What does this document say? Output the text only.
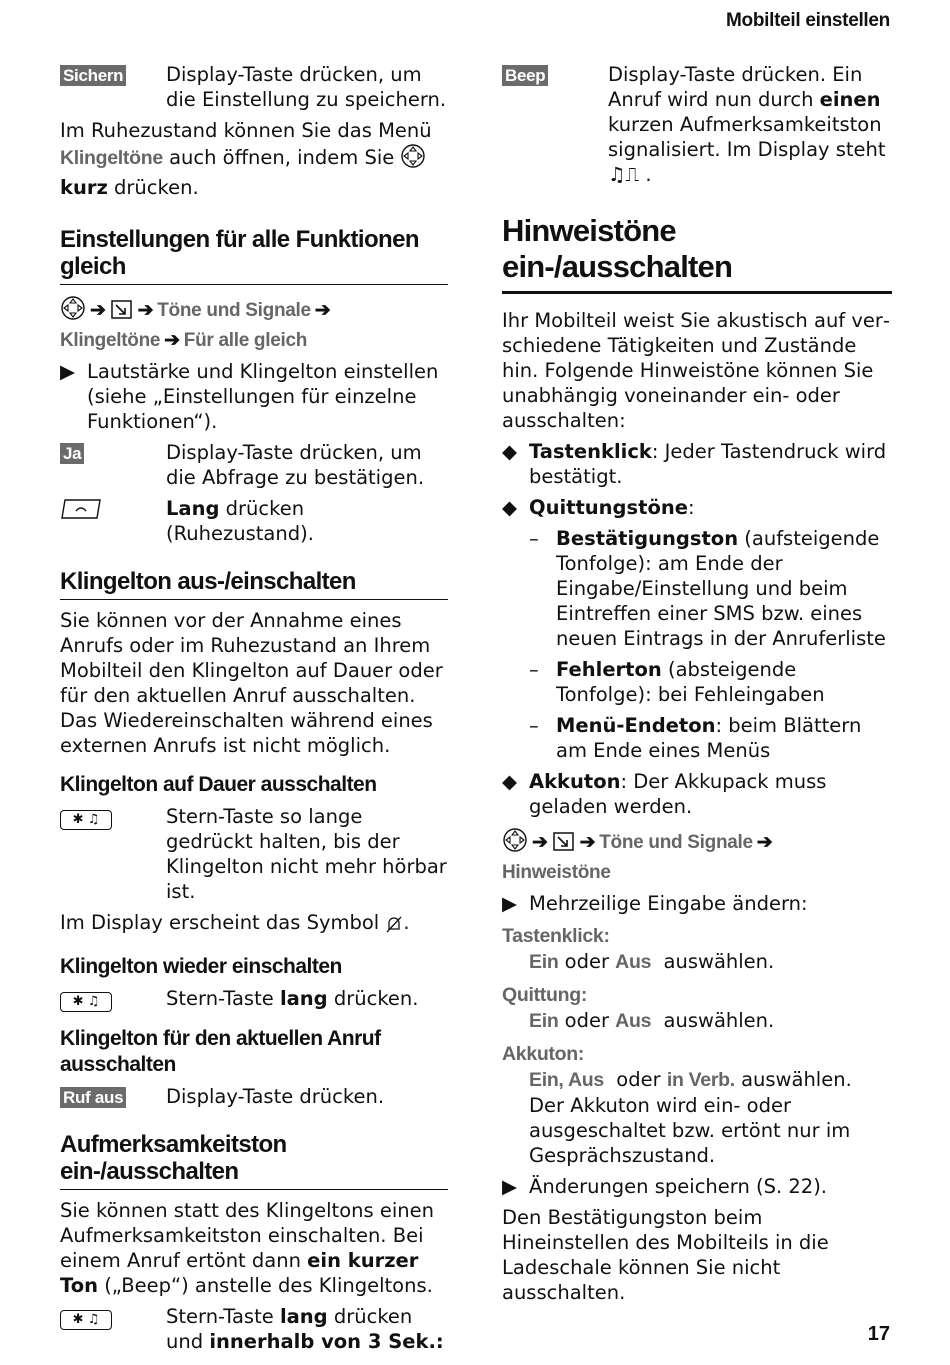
Mobilteil einstellen
Sichern	Display-Taste drücken, um die Einstellung zu speichern.

Im Ruhezustand können Sie das Menü
Klingeltöne auch öffnen, indem Sie
kurz drücken.

Einstellungen für alle Funktionen gleich
➔ ➔ Töne und Signale ➔
Klingeltöne ➔ Für alle gleich
▶ Lautstärke und Klingelton einstellen (siehe „Einstellungen für einzelne Funktionen“).
Ja	Display-Taste drücken, um die Abfrage zu bestätigen.
Lang drücken (Ruhezustand).
Klingelton aus-/einschalten

Sie können vor der Annahme eines Anrufs oder im Ruhezustand an Ihrem Mobilteil den Klingelton auf Dauer oder für den aktuellen Anruf ausschalten. Das Wiedereinschalten während eines externen Anrufs ist nicht möglich.

Klingelton auf Dauer ausschalten
✱ ♫	Stern-Taste so lange gedrückt halten, bis der Klingelton nicht mehr hörbar ist.

Im Display erscheint das Symbol .

Klingelton wieder einschalten
✱ ♫	Stern-Taste lang drücken.
Klingelton für den aktuellen Anruf ausschalten
Ruf aus	Display-Taste drücken.
Aufmerksamkeitston ein-/ausschalten

Sie können statt des Klingeltons einen Aufmerksamkeitston einschalten. Bei einem Anruf ertönt dann ein kurzer Ton („Beep“) anstelle des Klingeltons.

✱ ♫	Stern-Taste lang drücken und innerhalb von 3 Sek.:
Beep	Display-Taste drücken. Ein Anruf wird nun durch einen kurzen Aufmerksamkeitston signalisiert. Im Display steht
♫⎍ .
Hinweistöne ein-/ausschalten

Ihr Mobilteil weist Sie akustisch auf verschiedene Tätigkeiten und Zustände hin. Folgende Hinweistöne können Sie unabhängig voneinander ein- oder ausschalten:

◆ Tastenklick: Jeder Tastendruck wird bestätigt.
◆ Quittungstöne:
– Bestätigungston (aufsteigende Tonfolge): am Ende der Eingabe/Einstellung und beim Eintreffen einer SMS bzw. eines neuen Eintrags in der Anruferliste
– Fehlerton (absteigende Tonfolge): bei Fehleingaben
– Menü-Endeton: beim Blättern am Ende eines Menüs
◆ Akkuton: Der Akkupack muss geladen werden.
➔ ➔ Töne und Signale ➔
Hinweistöne
▶ Mehrzeilige Eingabe ändern:
Tastenklick:
Ein oder Aus auswählen.
Quittung:
Ein oder Aus auswählen.
Akkuton:
Ein, Aus oder in Verb. auswählen. Der Akkuton wird ein- oder ausgeschaltet bzw. ertönt nur im Gesprächszustand.
▶ Änderungen speichern (S. 22).

Den Bestätigungston beim Hineinstellen des Mobilteils in die Ladeschale können Sie nicht ausschalten.

17
